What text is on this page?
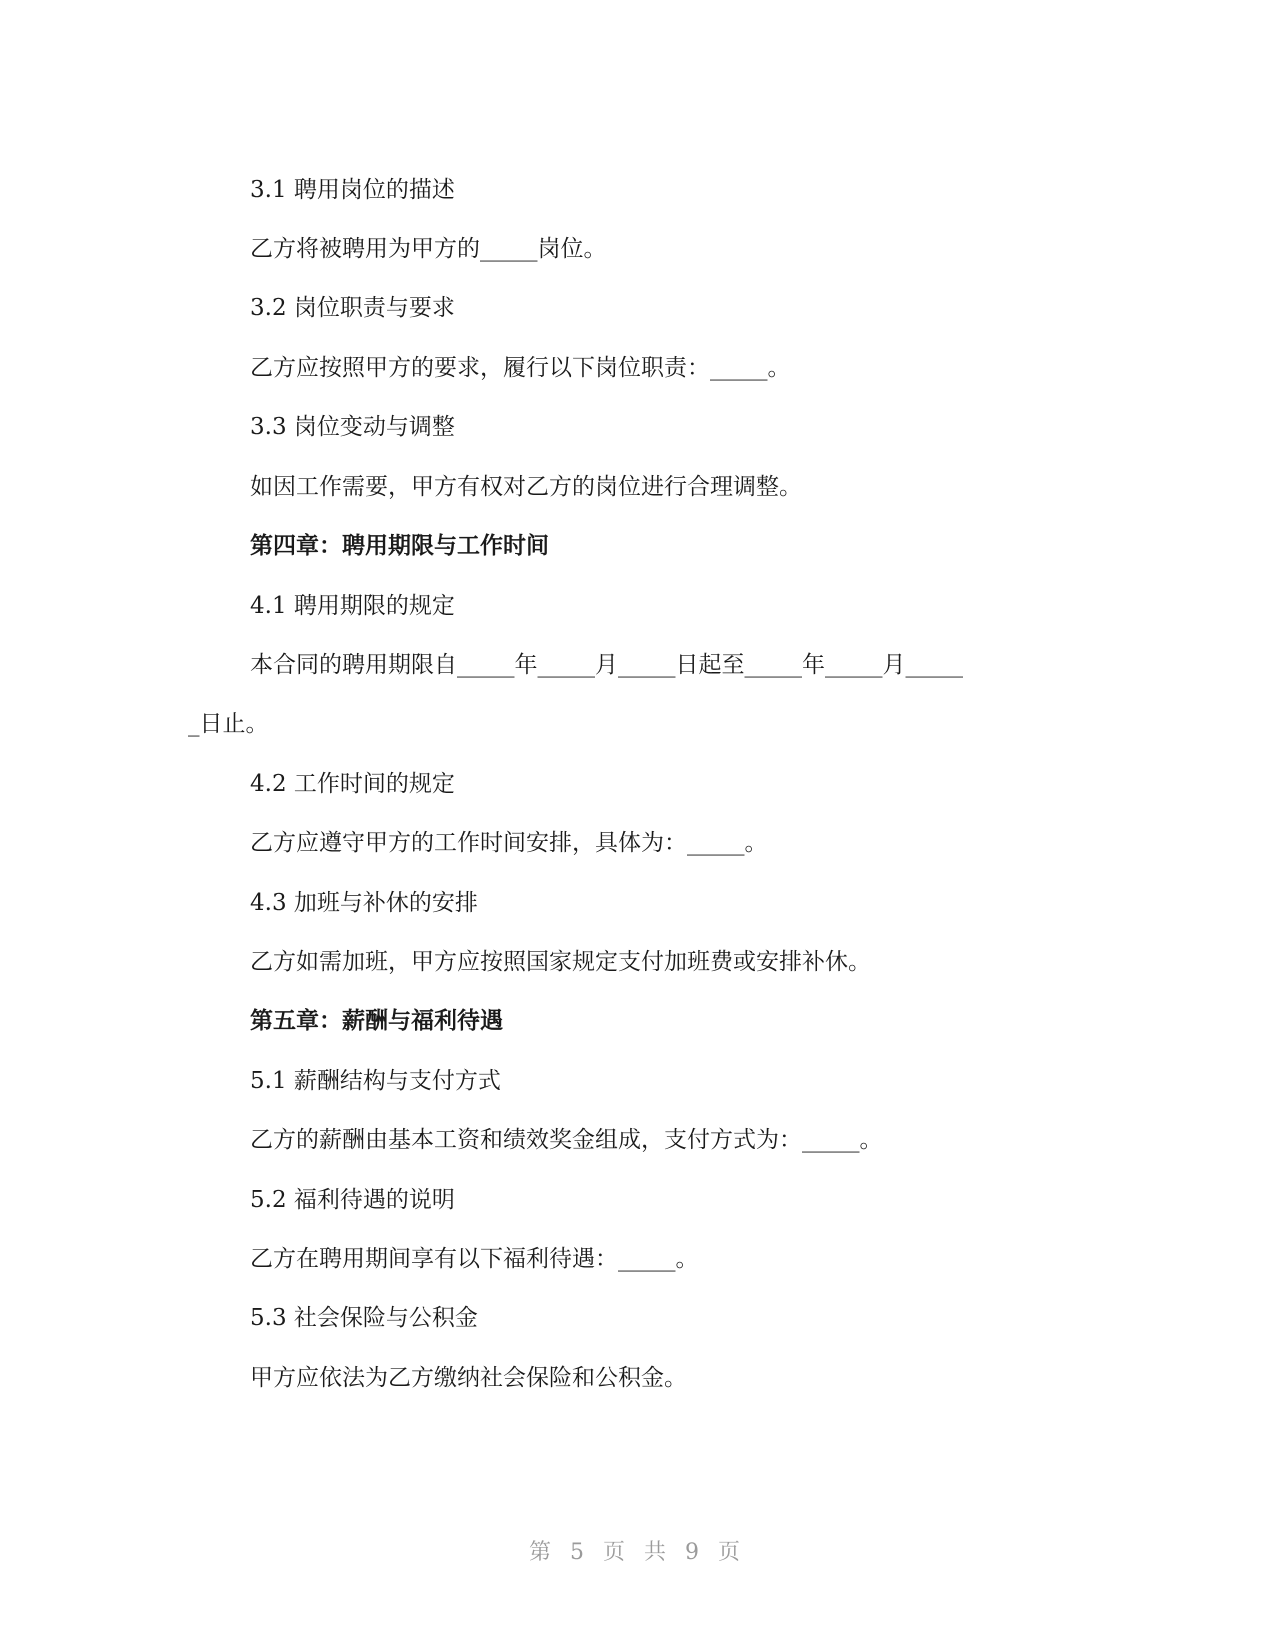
3.1 聘用岗位的描述
乙方将被聘用为甲方的_____岗位。
3.2 岗位职责与要求
乙方应按照甲方的要求，履行以下岗位职责：_____。
3.3 岗位变动与调整
如因工作需要，甲方有权对乙方的岗位进行合理调整。
第四章：聘用期限与工作时间
4.1 聘用期限的规定
本合同的聘用期限自_____年_____月_____日起至_____年_____月_____
_日止。
4.2 工作时间的规定
乙方应遵守甲方的工作时间安排，具体为：_____。
4.3 加班与补休的安排
乙方如需加班，甲方应按照国家规定支付加班费或安排补休。
第五章：薪酬与福利待遇
5.1 薪酬结构与支付方式
乙方的薪酬由基本工资和绩效奖金组成，支付方式为：_____。
5.2 福利待遇的说明
乙方在聘用期间享有以下福利待遇：_____。
5.3 社会保险与公积金
甲方应依法为乙方缴纳社会保险和公积金。
第 5 页 共 9 页
